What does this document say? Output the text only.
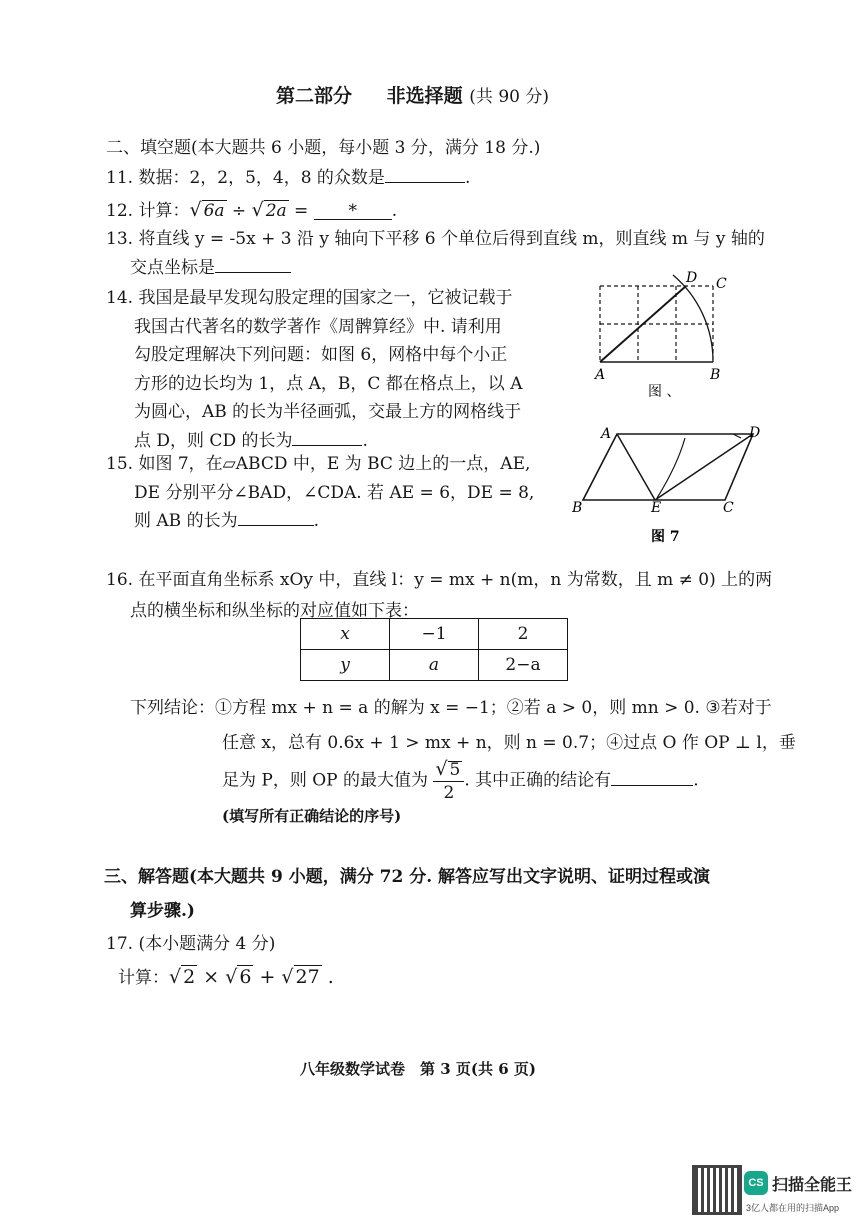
第二部分 非选择题 (共 90 分)
二、填空题(本大题共 6 小题，每小题 3 分，满分 18 分.)
11. 数据：2，2，5，4，8 的众数是	.
12. 计算：√ 6a ÷ √ 2a = * .
13. 将直线 y = -5x + 3 沿 y 轴向下平移 6 个单位后得到直线 m，则直线 m 与 y 轴的
交点坐标是
14. 我国是最早发现勾股定理的国家之一，它被记载于
我国古代著名的数学著作《周髀算经》中. 请利用
勾股定理解决下列问题：如图 6，网格中每个小正
方形的边长均为 1，点 A，B，C 都在格点上，以 A
为圆心，AB 的长为半径画弧，交最上方的网格线于
点 D，则 CD 的长为	.
A	B
C
D
图 、
15. 如图 7，在▱ABCD 中，E 为 BC 边上的一点，AE,
DE 分别平分∠BAD，∠CDA. 若 AE = 6，DE = 8,
则 AB 的长为	.
A	D
B	E	C
图 7
16. 在平面直角坐标系 xOy 中，直线 l：y = mx + n(m，n 为常数，且 m ≠ 0) 上的两
点的横坐标和纵坐标的对应值如下表：
x	−1	2
y	a	2−a
下列结论：①方程 mx + n = a 的解为 x = −1；②若 a > 0，则 mn > 0. ③若对于
任意 x，总有 0.6x + 1 > mx + n，则 n = 0.7；④过点 O 作 OP ⊥ l，垂
足为 P，则 OP 的最大值为 $\frac{√ 5}{2}$ . 其中正确的结论有	.
(填写所有正确结论的序号)
三、解答题(本大题共 9 小题，满分 72 分. 解答应写出文字说明、证明过程或演
算步骤.)
17. (本小题满分 4 分)
计算：√ 2 × √ 6 + √ 27 .
八年级数学试卷　第 3 页(共 6 页)
CS 扫描全能王
3亿人都在用的扫描App
